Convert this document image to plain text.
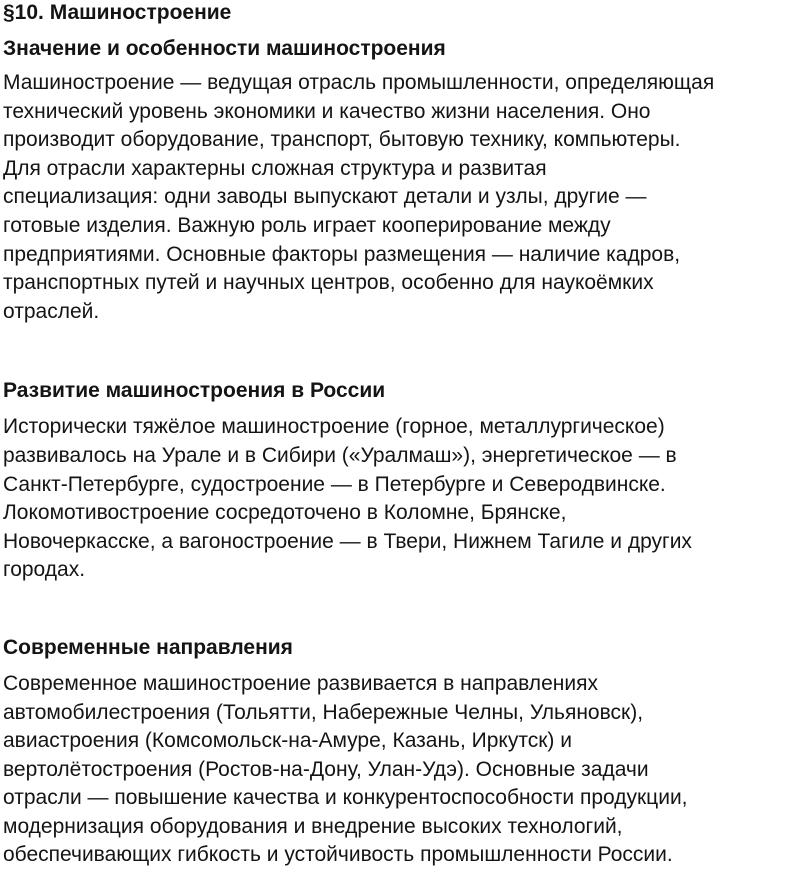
§10. Машиностроение
Значение и особенности машиностроения

Машиностроение — ведущая отрасль промышленности, определяющая
технический уровень экономики и качество жизни населения. Оно
производит оборудование, транспорт, бытовую технику, компьютеры.
Для отрасли характерны сложная структура и развитая
специализация: одни заводы выпускают детали и узлы, другие —
готовые изделия. Важную роль играет кооперирование между
предприятиями. Основные факторы размещения — наличие кадров,
транспортных путей и научных центров, особенно для наукоёмких
отраслей.

Развитие машиностроения в России

Исторически тяжёлое машиностроение (горное, металлургическое)
развивалось на Урале и в Сибири («Уралмаш»), энергетическое — в
Санкт-Петербурге, судостроение — в Петербурге и Северодвинске.
Локомотивостроение сосредоточено в Коломне, Брянске,
Новочеркасске, а вагоностроение — в Твери, Нижнем Тагиле и других
городах.

Современные направления

Современное машиностроение развивается в направлениях
автомобилестроения (Тольятти, Набережные Челны, Ульяновск),
авиастроения (Комсомольск-на-Амуре, Казань, Иркутск) и
вертолётостроения (Ростов-на-Дону, Улан-Удэ). Основные задачи
отрасли — повышение качества и конкурентоспособности продукции,
модернизация оборудования и внедрение высоких технологий,
обеспечивающих гибкость и устойчивость промышленности России.
